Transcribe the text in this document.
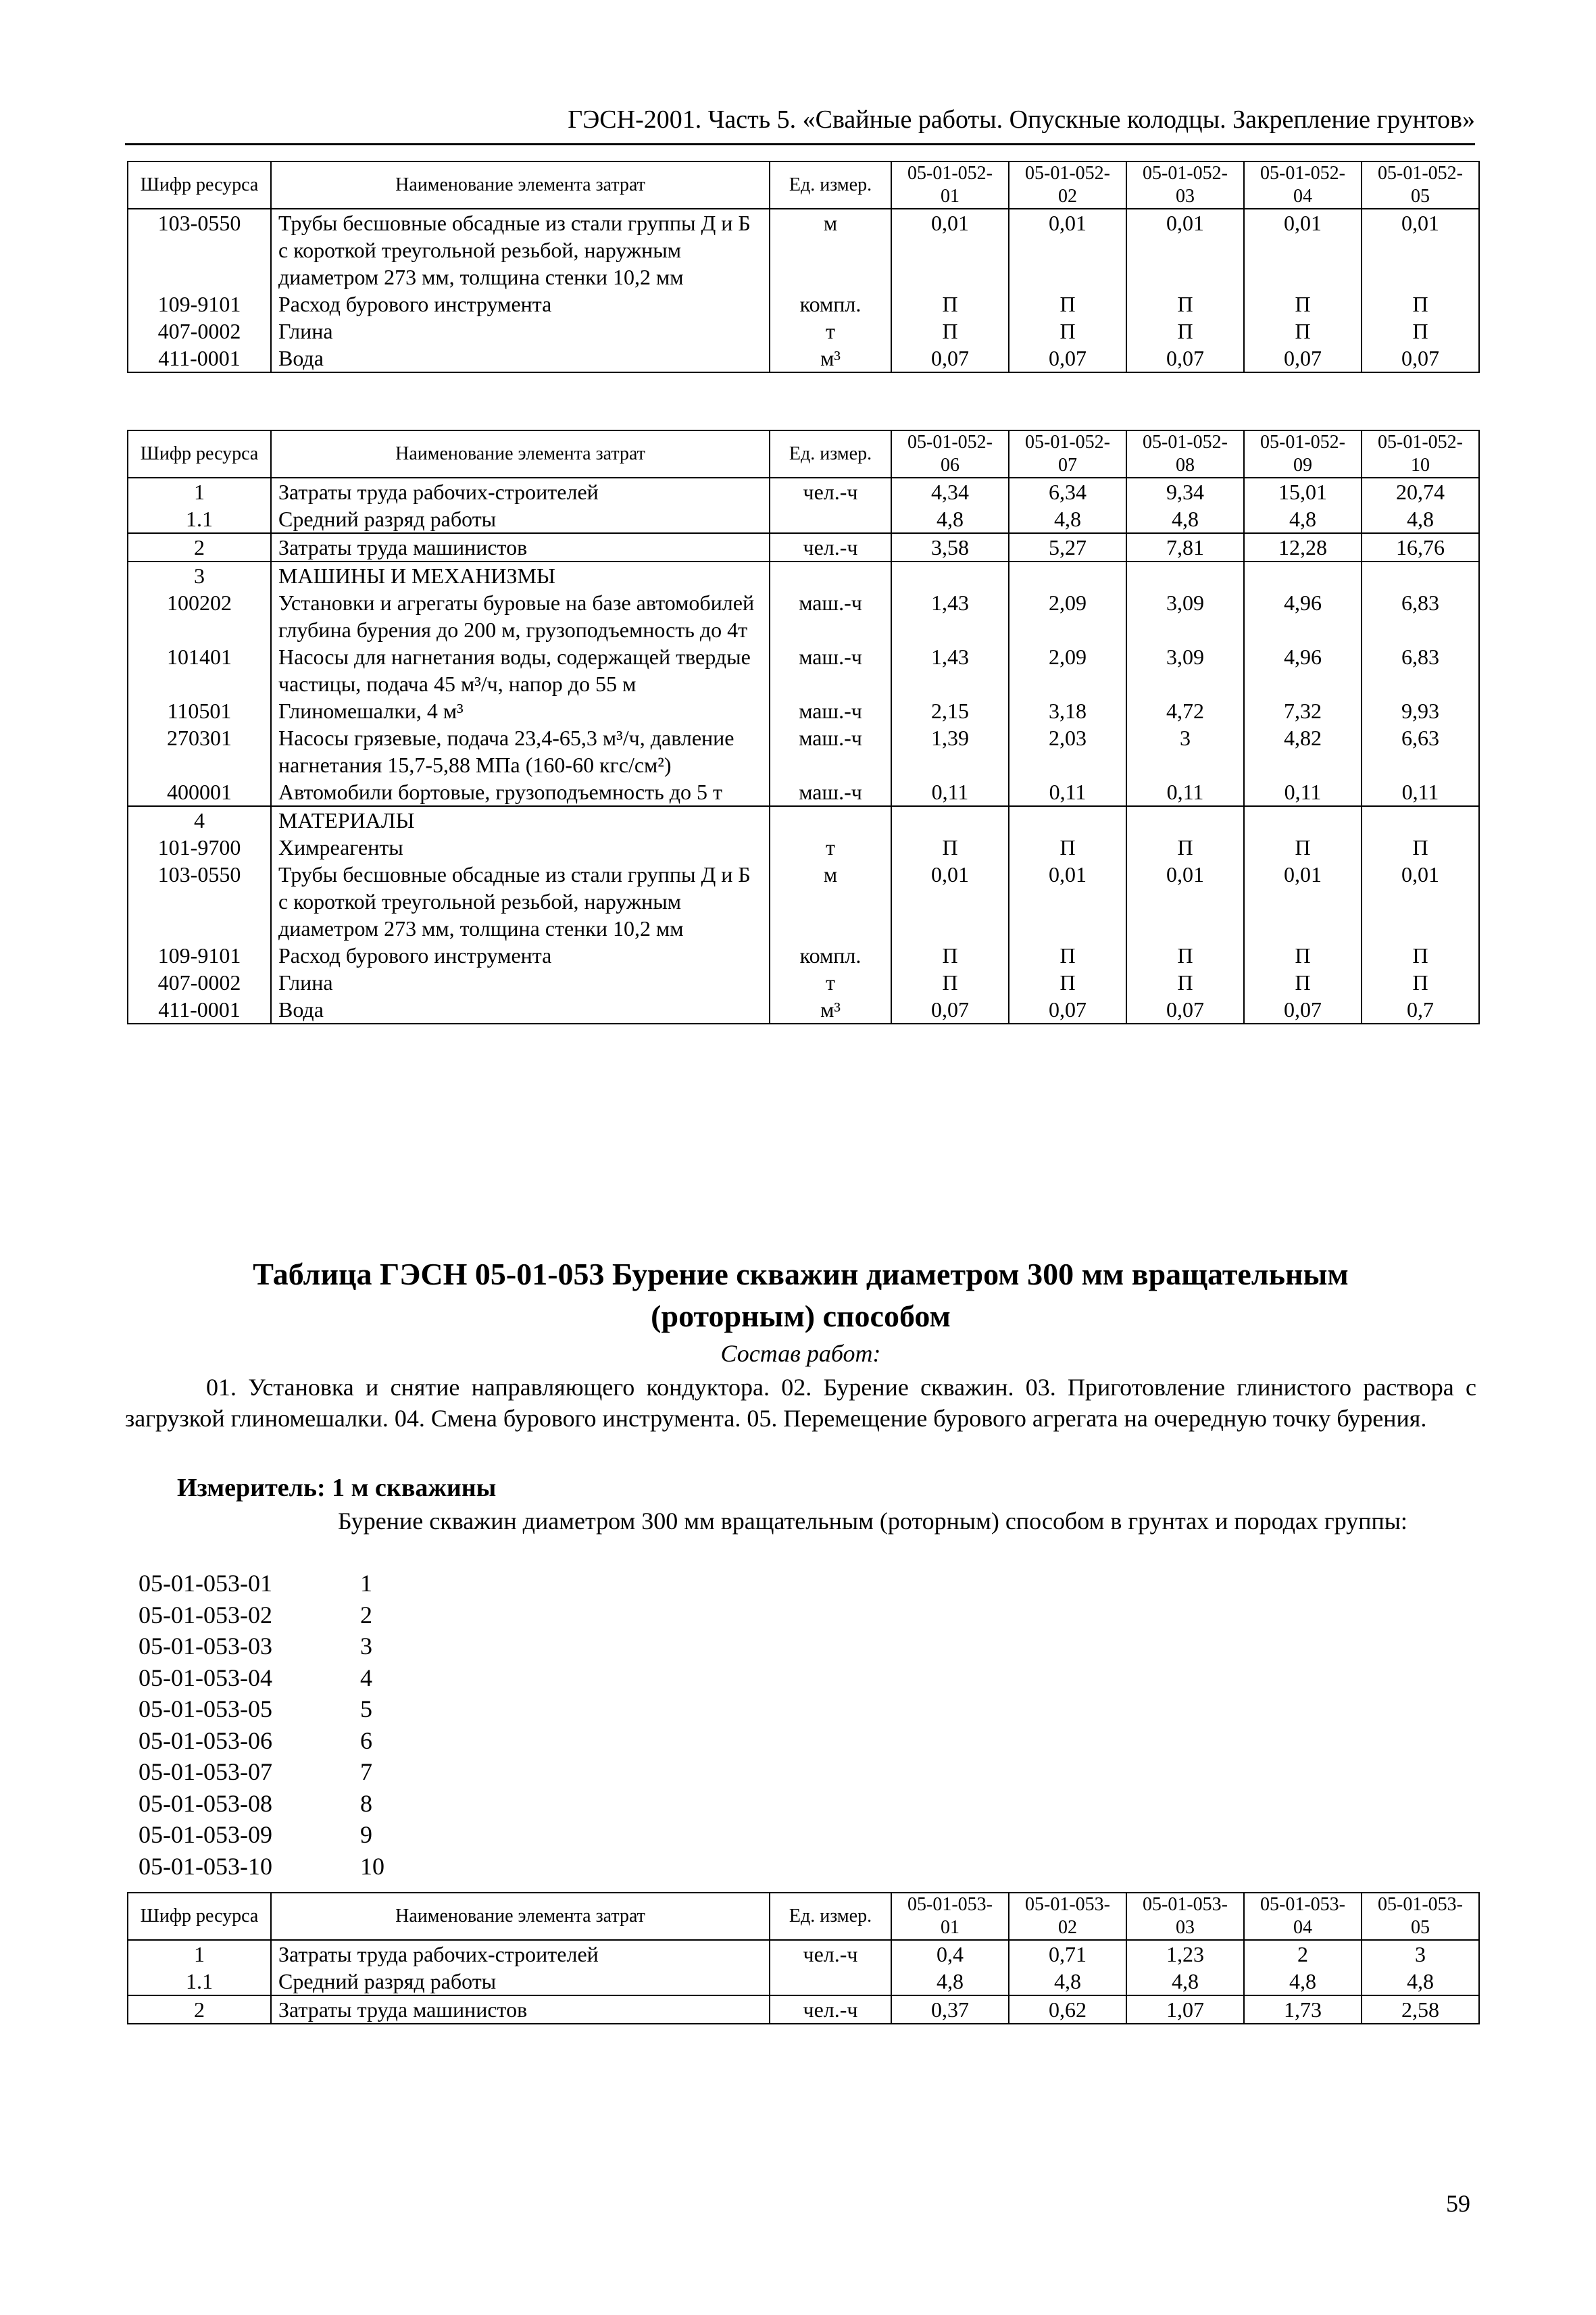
ГЭСН-2001. Часть 5. «Свайные работы. Опускные колодцы. Закрепление грунтов»
Шифр ресурса	Наименование элемента затрат	Ед. измер.	05-01-052-01	05-01-052-02	05-01-052-03	05-01-052-04	05-01-052-05
103-0550	Трубы бесшовные обсадные из стали группы Д и Б с короткой треугольной резьбой, наружным диаметром 273 мм, толщина стенки 10,2 мм	м	0,01	0,01	0,01	0,01	0,01
109-9101	Расход бурового инструмента	компл.	П	П	П	П	П
407-0002	Глина	т	П	П	П	П	П
411-0001	Вода	м³	0,07	0,07	0,07	0,07	0,07
Шифр ресурса	Наименование элемента затрат	Ед. измер.	05-01-052-06	05-01-052-07	05-01-052-08	05-01-052-09	05-01-052-10
1	Затраты труда рабочих-строителей	чел.-ч	4,34	6,34	9,34	15,01	20,74
1.1	Средний разряд работы		4,8	4,8	4,8	4,8	4,8
2	Затраты труда машинистов	чел.-ч	3,58	5,27	7,81	12,28	16,76
3	МАШИНЫ И МЕХАНИЗМЫ						
100202	Установки и агрегаты буровые на базе автомобилей глубина бурения до 200 м, грузоподъемность до 4т	маш.-ч	1,43	2,09	3,09	4,96	6,83
101401	Насосы для нагнетания воды, содержащей твердые частицы, подача 45 м³/ч, напор до 55 м	маш.-ч	1,43	2,09	3,09	4,96	6,83
110501	Глиномешалки, 4 м³	маш.-ч	2,15	3,18	4,72	7,32	9,93
270301	Насосы грязевые, подача 23,4-65,3 м³/ч, давление нагнетания 15,7-5,88 МПа (160-60 кгс/см²)	маш.-ч	1,39	2,03	3	4,82	6,63
400001	Автомобили бортовые, грузоподъемность до 5 т	маш.-ч	0,11	0,11	0,11	0,11	0,11
4	МАТЕРИАЛЫ						
101-9700	Химреагенты	т	П	П	П	П	П
103-0550	Трубы бесшовные обсадные из стали группы Д и Б с короткой треугольной резьбой, наружным диаметром 273 мм, толщина стенки 10,2 мм	м	0,01	0,01	0,01	0,01	0,01
109-9101	Расход бурового инструмента	компл.	П	П	П	П	П
407-0002	Глина	т	П	П	П	П	П
411-0001	Вода	м³	0,07	0,07	0,07	0,07	0,7
Таблица ГЭСН 05-01-053 Бурение скважин диаметром 300 мм вращательным
(роторным) способом
Состав работ:
01. Установка и снятие направляющего кондуктора. 02. Бурение скважин. 03. Приготовление глинистого раствора с загрузкой глиномешалки. 04. Смена бурового инструмента. 05. Перемещение бурового агрегата на очередную точку бурения.
Измеритель: 1 м скважины
Бурение скважин диаметром 300 мм вращательным (роторным) способом в грунтах и породах группы:
05-01-053-01	1
05-01-053-02	2
05-01-053-03	3
05-01-053-04	4
05-01-053-05	5
05-01-053-06	6
05-01-053-07	7
05-01-053-08	8
05-01-053-09	9
05-01-053-10	10
Шифр ресурса	Наименование элемента затрат	Ед. измер.	05-01-053-01	05-01-053-02	05-01-053-03	05-01-053-04	05-01-053-05
1	Затраты труда рабочих-строителей	чел.-ч	0,4	0,71	1,23	2	3
1.1	Средний разряд работы		4,8	4,8	4,8	4,8	4,8
2	Затраты труда машинистов	чел.-ч	0,37	0,62	1,07	1,73	2,58
59
